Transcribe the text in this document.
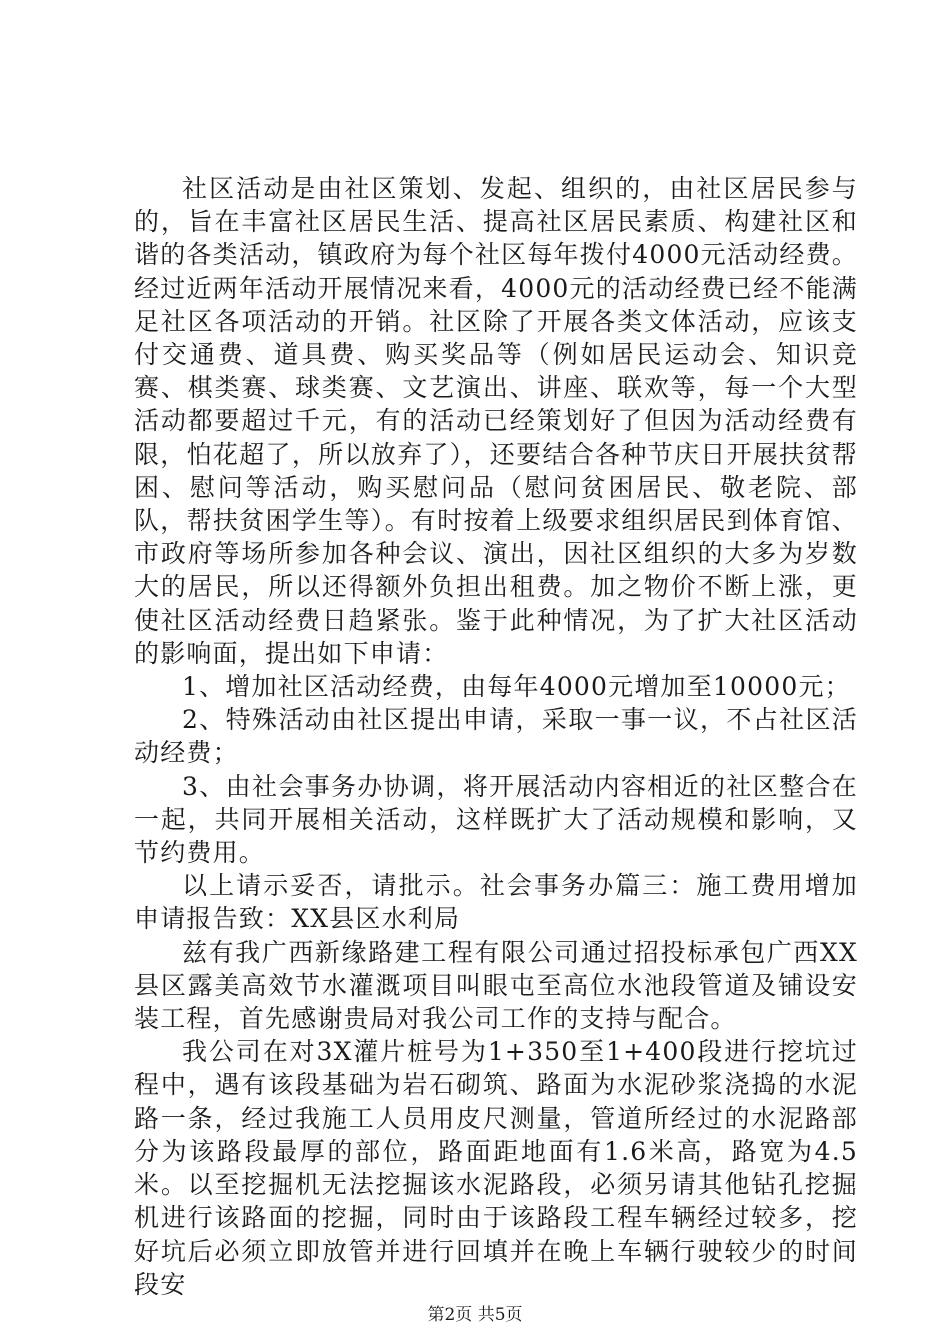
社区活动是由社区策划、发起、组织的，由社区居民参与的，旨在丰富社区居民生活、提高社区居民素质、构建社区和谐的各类活动，镇政府为每个社区每年拨付4000元活动经费。经过近两年活动开展情况来看，4000元的活动经费已经不能满足社区各项活动的开销。社区除了开展各类文体活动，应该支付交通费、道具费、购买奖品等（例如居民运动会、知识竞赛、棋类赛、球类赛、文艺演出、讲座、联欢等，每一个大型活动都要超过千元，有的活动已经策划好了但因为活动经费有限，怕花超了，所以放弃了），还要结合各种节庆日开展扶贫帮困、慰问等活动，购买慰问品（慰问贫困居民、敬老院、部队，帮扶贫困学生等）。有时按着上级要求组织居民到体育馆、市政府等场所参加各种会议、演出，因社区组织的大多为岁数大的居民，所以还得额外负担出租费。加之物价不断上涨，更使社区活动经费日趋紧张。鉴于此种情况，为了扩大社区活动的影响面，提出如下申请：

1、增加社区活动经费，由每年4000元增加至10000元；

2、特殊活动由社区提出申请，采取一事一议，不占社区活动经费；

3、由社会事务办协调，将开展活动内容相近的社区整合在一起，共同开展相关活动，这样既扩大了活动规模和影响，又节约费用。

以上请示妥否，请批示。社会事务办篇三：施工费用增加申请报告致：XX县区水利局

兹有我广西新缘路建工程有限公司通过招投标承包广西XX县区露美高效节水灌溉项目叫眼屯至高位水池段管道及铺设安装工程，首先感谢贵局对我公司工作的支持与配合。

我公司在对3X灌片桩号为1+350至1+400段进行挖坑过程中，遇有该段基础为岩石砌筑、路面为水泥砂浆浇捣的水泥路一条，经过我施工人员用皮尺测量，管道所经过的水泥路部分为该路段最厚的部位，路面距地面有1.6米高，路宽为4.5米。以至挖掘机无法挖掘该水泥路段，必须另请其他钻孔挖掘机进行该路面的挖掘，同时由于该路段工程车辆经过较多，挖好坑后必须立即放管并进行回填并在晚上车辆行驶较少的时间段安

第2页 共5页
